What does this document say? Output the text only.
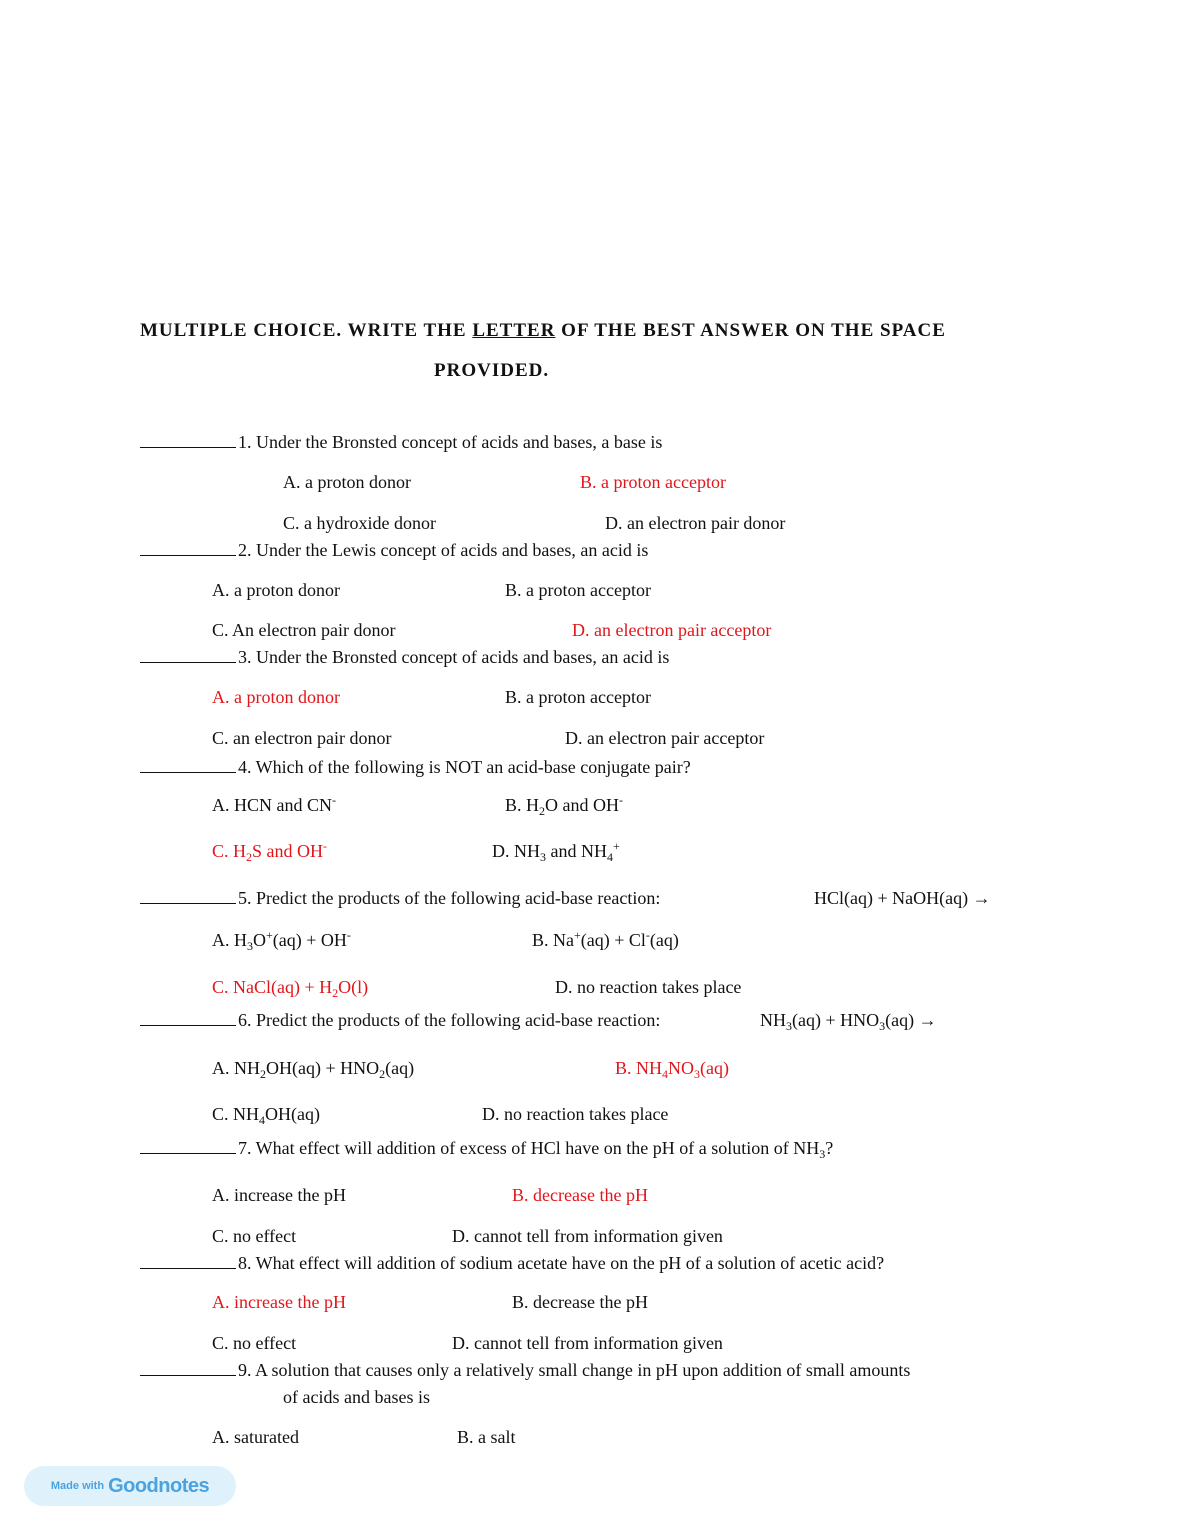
MULTIPLE CHOICE. WRITE THE LETTER OF THE BEST ANSWER ON THE SPACE
PROVIDED.
1. Under the Bronsted concept of acids and bases, a base is
A. a proton donor	B. a proton acceptor
C. a hydroxide donor	D. an electron pair donor
2. Under the Lewis concept of acids and bases, an acid is
A. a proton donor	B. a proton acceptor
C. An electron pair donor	D. an electron pair acceptor
3. Under the Bronsted concept of acids and bases, an acid is
A. a proton donor	B. a proton acceptor
C. an electron pair donor	D. an electron pair acceptor
4. Which of the following is NOT an acid-base conjugate pair?
A. HCN and CN-	B. $H_2O$ and OH-
C. $H_2S$ and OH-	D. $NH_3$ and $NH_4^+$
5. Predict the products of the following acid-base reaction:	HCl(aq) + NaOH(aq) →
A. $H_3O^+(aq) + OH^-$	B. Na+(aq) + Cl-(aq)
C. NaCl(aq) + $H_2O(l)$	D. no reaction takes place
6. Predict the products of the following acid-base reaction:	$NH_3(aq) + HNO_3(aq)$ →
A. $NH_2OH(aq) + HNO_2(aq)$	B. $NH_4NO_3(aq)$
C. $NH_4OH(aq)$	D. no reaction takes place
7. What effect will addition of excess of HCl have on the pH of a solution of $NH_3$?
A. increase the pH	B. decrease the pH
C. no effect	D. cannot tell from information given
8. What effect will addition of sodium acetate have on the pH of a solution of acetic acid?
A. increase the pH	B. decrease the pH
C. no effect	D. cannot tell from information given
9. A solution that causes only a relatively small change in pH upon addition of small amounts
of acids and bases is
A. saturated	B. a salt
Made with Goodnotes
